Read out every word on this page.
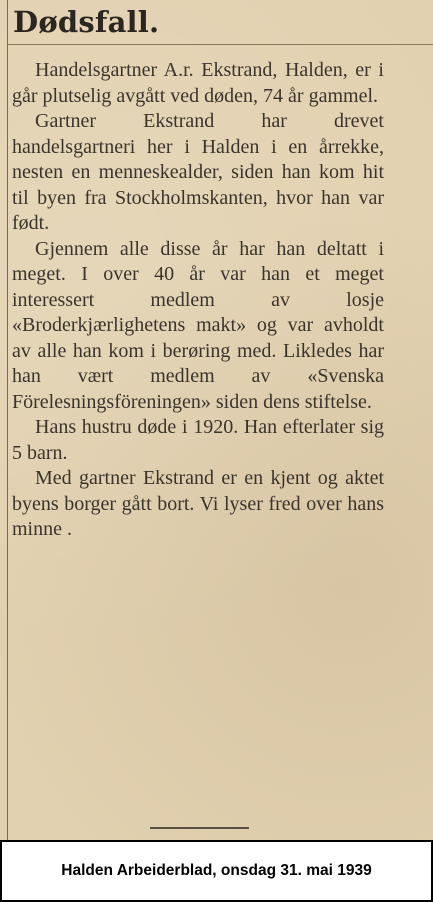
Dødsfall.

Handelsgartner A.r. Ekstrand, Halden, er i går plutselig avgått ved døden, 74 år gammel.

Gartner Ekstrand har drevet handelsgartneri her i Halden i en årrekke, nesten en menneskealder, siden han kom hit til byen fra Stockholmskanten, hvor han var født.

Gjennem alle disse år har han deltatt i meget. I over 40 år var han et meget interessert medlem av losje «Broderkjærlighetens makt» og var avholdt av alle han kom i berøring med. Likledes har han vært medlem av «Svenska Förelesningsföreningen» siden dens stiftelse.

Hans hustru døde i 1920. Han efterlater sig 5 barn.

Med gartner Ekstrand er en kjent og aktet byens borger gått bort. Vi lyser fred over hans minne .

Halden Arbeiderblad, onsdag 31. mai 1939
